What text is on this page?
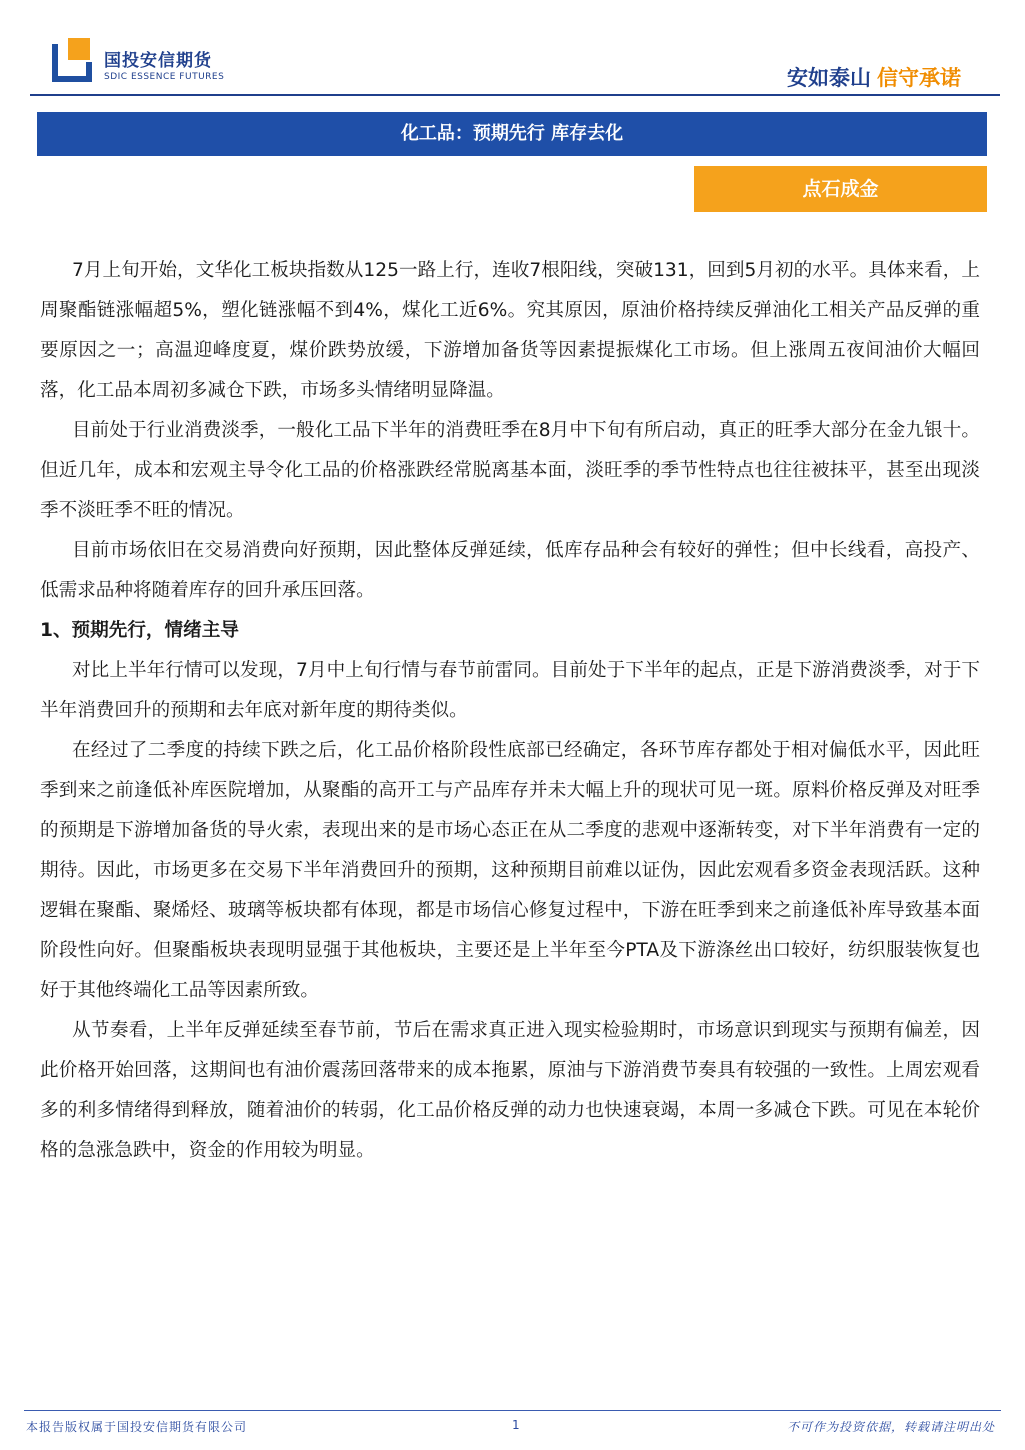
国投安信期货
SDIC ESSENCE FUTURES	安如泰山 信守承诺
化工品：预期先行 库存去化
点石成金

7月上旬开始，文华化工板块指数从125一路上行，连收7根阳线，突破131，回到5月初的水平。具体来看，上周聚酯链涨幅超5%，塑化链涨幅不到4%，煤化工近6%。究其原因，原油价格持续反弹油化工相关产品反弹的重要原因之一；高温迎峰度夏，煤价跌势放缓，下游增加备货等因素提振煤化工市场。但上涨周五夜间油价大幅回落，化工品本周初多减仓下跌，市场多头情绪明显降温。

目前处于行业消费淡季，一般化工品下半年的消费旺季在8月中下旬有所启动，真正的旺季大部分在金九银十。但近几年，成本和宏观主导令化工品的价格涨跌经常脱离基本面，淡旺季的季节性特点也往往被抹平，甚至出现淡季不淡旺季不旺的情况。

目前市场依旧在交易消费向好预期，因此整体反弹延续，低库存品种会有较好的弹性；但中长线看，高投产、低需求品种将随着库存的回升承压回落。

1、预期先行，情绪主导

对比上半年行情可以发现，7月中上旬行情与春节前雷同。目前处于下半年的起点，正是下游消费淡季，对于下半年消费回升的预期和去年底对新年度的期待类似。

在经过了二季度的持续下跌之后，化工品价格阶段性底部已经确定，各环节库存都处于相对偏低水平，因此旺季到来之前逢低补库医院增加，从聚酯的高开工与产品库存并未大幅上升的现状可见一斑。原料价格反弹及对旺季的预期是下游增加备货的导火索，表现出来的是市场心态正在从二季度的悲观中逐渐转变，对下半年消费有一定的期待。因此，市场更多在交易下半年消费回升的预期，这种预期目前难以证伪，因此宏观看多资金表现活跃。这种逻辑在聚酯、聚烯烃、玻璃等板块都有体现，都是市场信心修复过程中，下游在旺季到来之前逢低补库导致基本面阶段性向好。但聚酯板块表现明显强于其他板块，主要还是上半年至今PTA及下游涤丝出口较好，纺织服装恢复也好于其他终端化工品等因素所致。

从节奏看，上半年反弹延续至春节前，节后在需求真正进入现实检验期时，市场意识到现实与预期有偏差，因此价格开始回落，这期间也有油价震荡回落带来的成本拖累，原油与下游消费节奏具有较强的一致性。上周宏观看多的利多情绪得到释放，随着油价的转弱，化工品价格反弹的动力也快速衰竭，本周一多减仓下跌。可见在本轮价格的急涨急跌中，资金的作用较为明显。

本报告版权属于国投安信期货有限公司	1	不可作为投资依据，转载请注明出处
